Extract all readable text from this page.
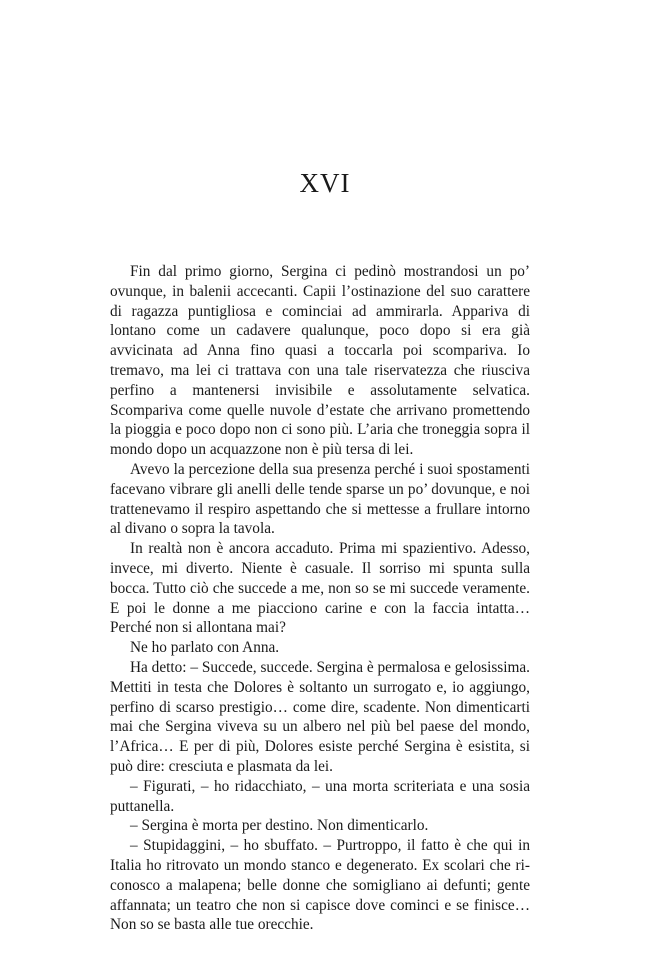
XVI

Fin dal primo giorno, Sergina ci pedinò mostrandosi un po’ ovunque, in balenii accecanti. Capii l’ostinazione del suo carattere di ragazza puntigliosa e cominciai ad ammirarla. Appariva di lontano come un cadavere qualunque, poco dopo si era già avvicinata ad Anna fino quasi a toccarla poi scompariva. Io tremavo, ma lei ci trattava con una tale riservatezza che riusciva perfino a mantenersi invisibile e assolutamente selvatica. Scompariva come quelle nuvole d’estate che arrivano promettendo la pioggia e poco dopo non ci sono più. L’aria che troneggia sopra il mondo dopo un acquazzone non è più tersa di lei.

Avevo la percezione della sua presenza perché i suoi spostamenti facevano vibrare gli anelli delle tende sparse un po’ dovunque, e noi trattenevamo il respiro aspettando che si mettesse a frullare intorno al divano o sopra la tavola.

In realtà non è ancora accaduto. Prima mi spazientivo. Adesso, invece, mi diverto. Niente è casuale. Il sorriso mi spunta sulla bocca. Tutto ciò che succede a me, non so se mi succede veramente. E poi le donne a me piacciono carine e con la faccia intatta… Perché non si allontana mai?

Ne ho parlato con Anna.

Ha detto: – Succede, succede. Sergina è permalosa e gelosissima. Mettiti in testa che Dolores è soltanto un surrogato e, io aggiungo, perfino di scarso prestigio… come dire, scadente. Non dimenticarti mai che Sergina viveva su un albero nel più bel paese del mondo, l’Africa… E per di più, Dolores esiste perché Sergina è esistita, si può dire: cresciuta e plasmata da lei.

– Figurati, – ho ridacchiato, – una morta scriteriata e una sosia puttanella.

– Sergina è morta per destino. Non dimenticarlo.

– Stupidaggini, – ho sbuffato. – Purtroppo, il fatto è che qui in Italia ho ritrovato un mondo stanco e degenerato. Ex scolari che riconosco a malapena; belle donne che somigliano ai defunti; gente affannata; un teatro che non si capisce dove cominci e se finisce… Non so se basta alle tue orecchie.
